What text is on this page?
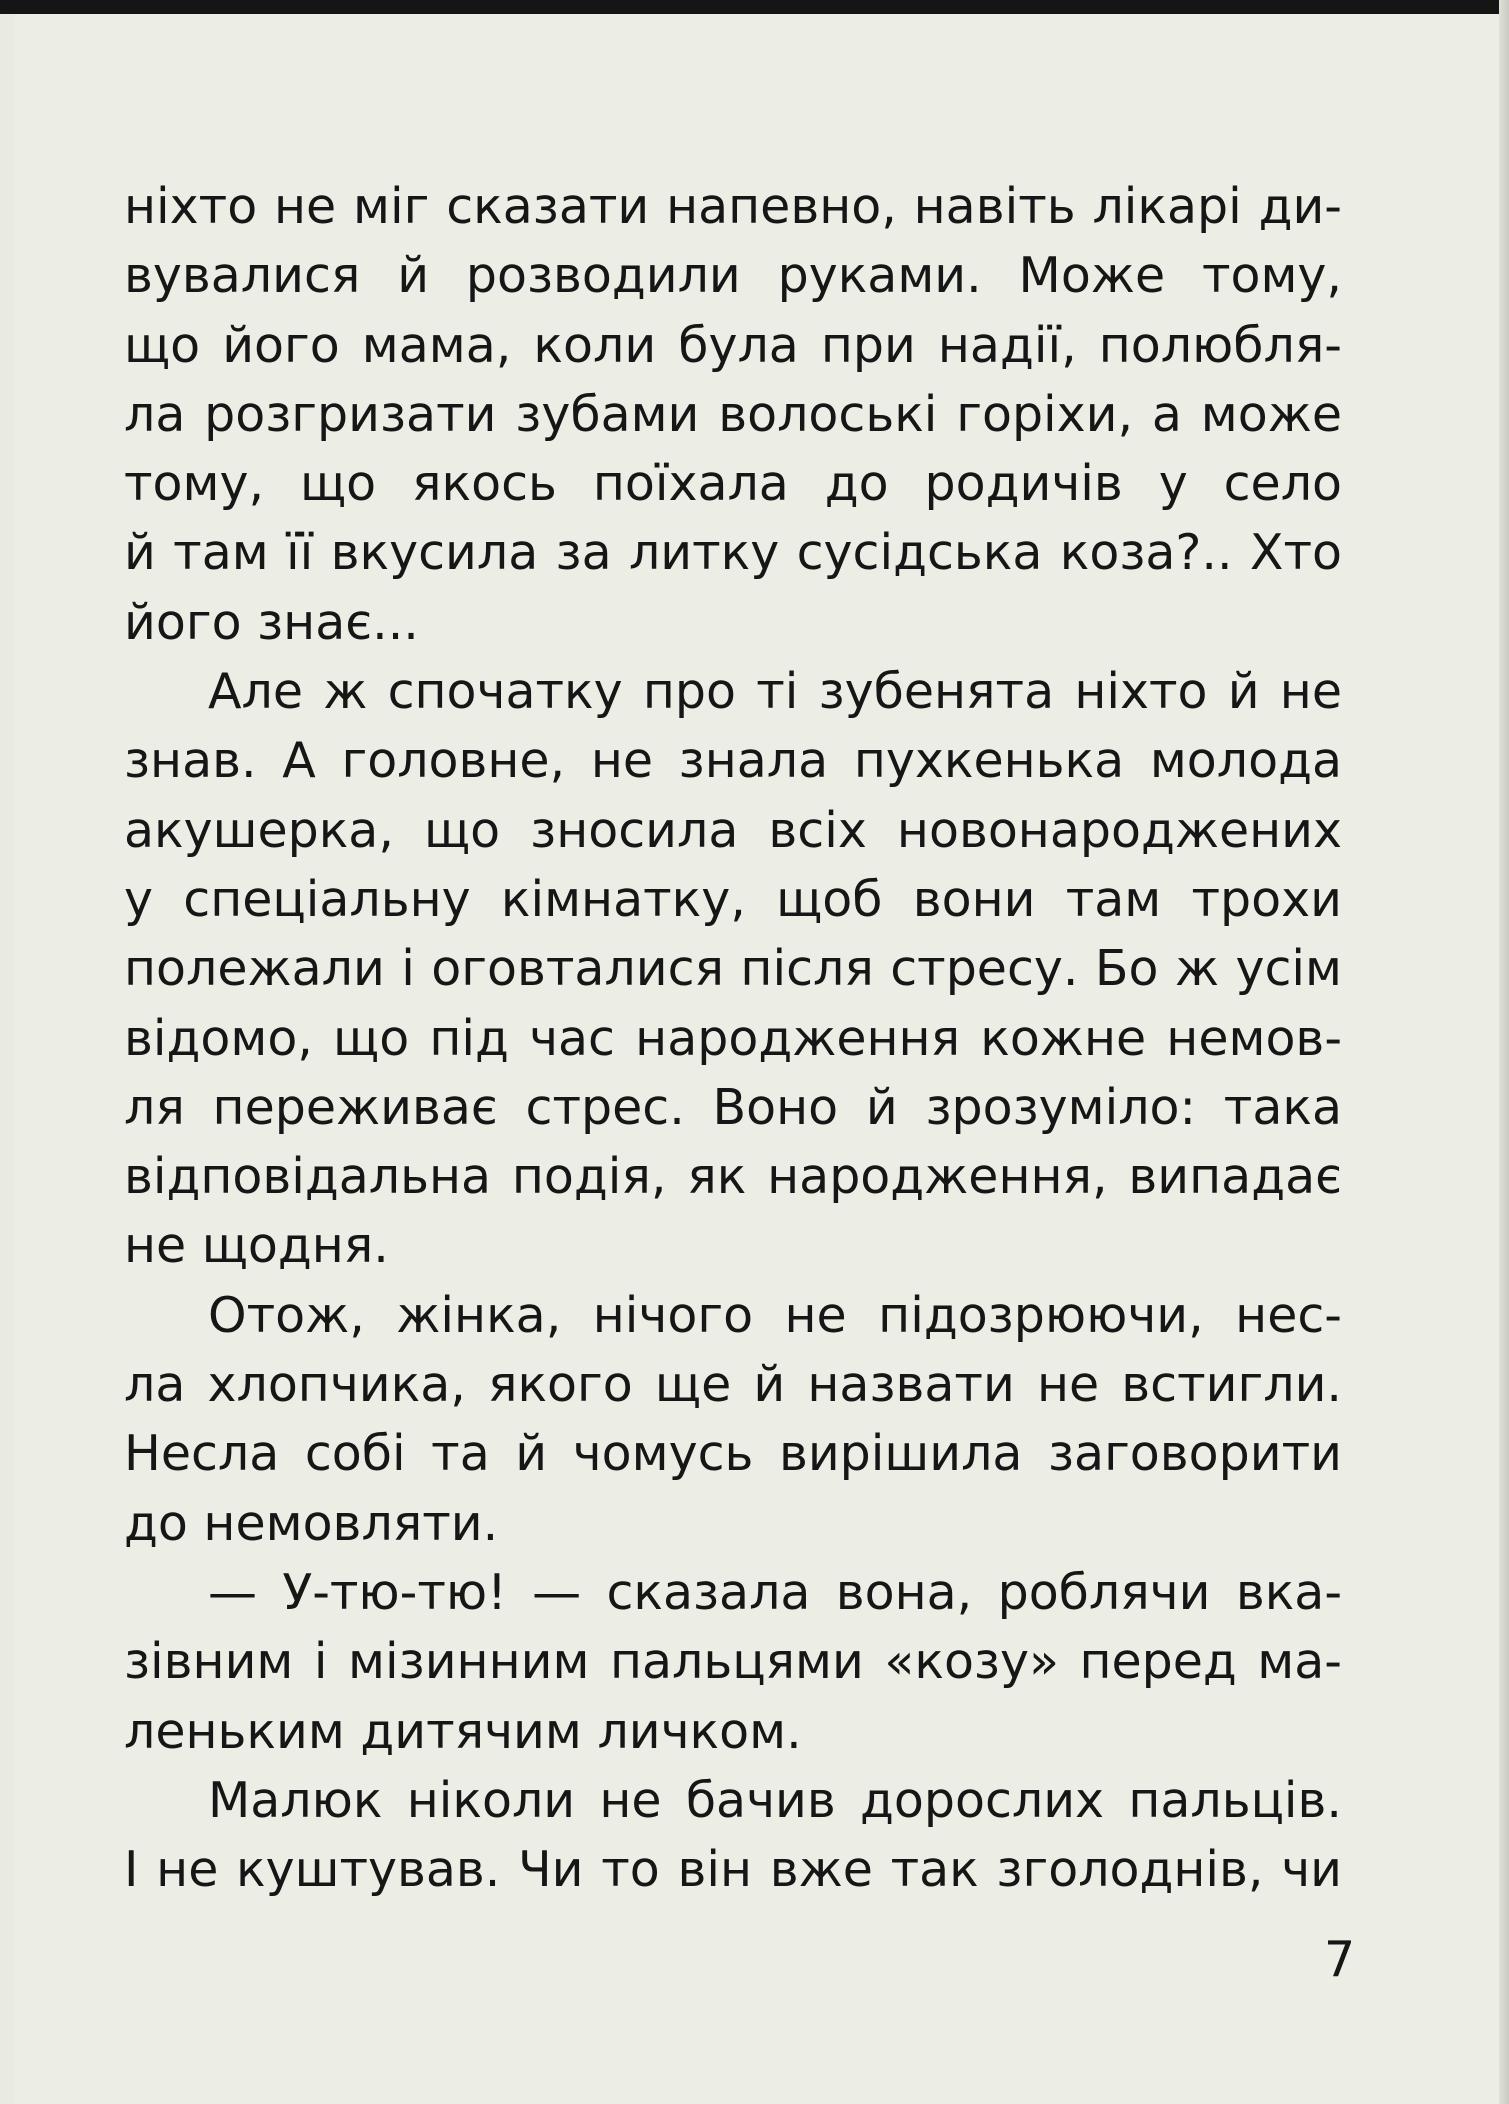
ніхто не міг сказати напевно, навіть лікарі ди-
вувалися й розводили руками. Може тому,
що його мама, коли була при надії, полюбля-
ла розгризати зубами волоські горіхи, а може
тому, що якось поїхала до родичів у село
й там її вкусила за литку сусідська коза?.. Хто
його знає...
Але ж спочатку про ті зубенята ніхто й не
знав. А головне, не знала пухкенька молода
акушерка, що зносила всіх новонароджених
у спеціальну кімнатку, щоб вони там трохи
полежали і оговталися після стресу. Бо ж усім
відомо, що під час народження кожне немов-
ля переживає стрес. Воно й зрозуміло: така
відповідальна подія, як народження, випадає
не щодня.
Отож, жінка, нічого не підозрюючи, нес-
ла хлопчика, якого ще й назвати не встигли.
Несла собі та й чомусь вирішила заговорити
до немовляти.
— У-тю-тю! — сказала вона, роблячи вка-
зівним і мізинним пальцями «козу» перед ма-
леньким дитячим личком.
Малюк ніколи не бачив дорослих пальців.
І не куштував. Чи то він вже так зголоднів, чи
7
